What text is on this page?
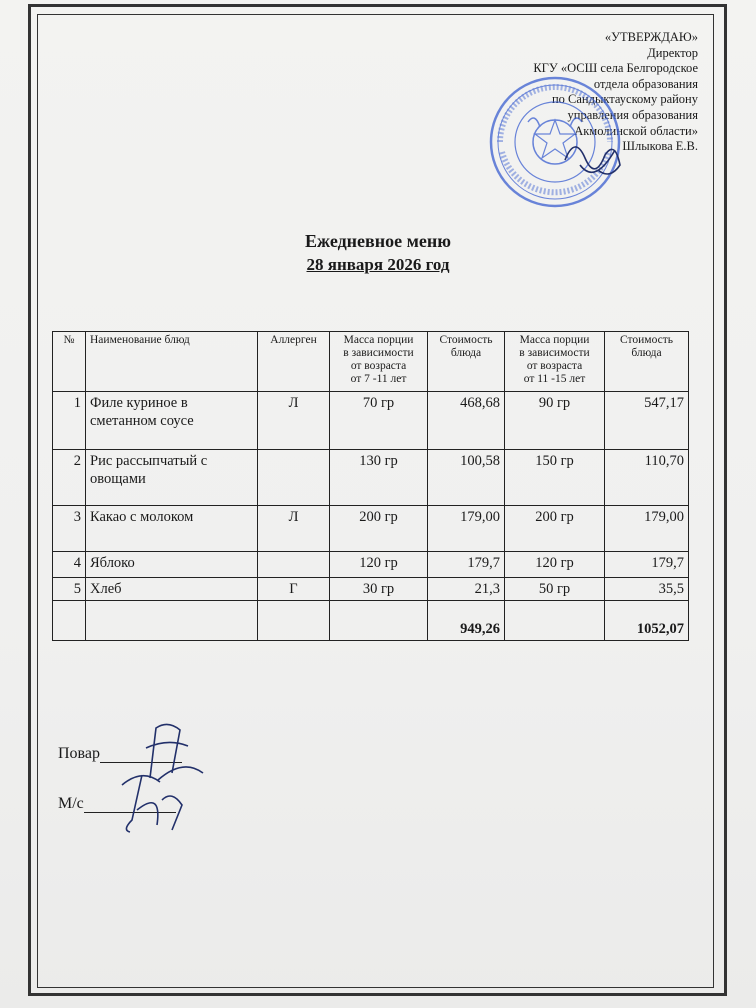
«УТВЕРЖДАЮ»
Директор
КГУ «ОСШ села Белгородское
отдела образования
по Сандыктаускому району
управления образования
Акмолинской области»
Шлыкова Е.В.
Ежедневное меню
28 января 2026 год
№	Наименование блюд	Аллерген	Масса порции
в зависимости
от возраста
от 7 -11 лет	Стоимость
блюда	Масса порции
в зависимости
от возраста
от 11 -15 лет	Стоимость
блюда
1	Филе куриное в
сметанном соусе	Л	70 гр	468,68	90 гр	547,17
2	Рис рассыпчатый с
овощами		130 гр	100,58	150 гр	110,70
3	Какао с молоком	Л	200 гр	179,00	200 гр	179,00
4	Яблоко		120 гр	179,7	120 гр	179,7
5	Хлеб	Г	30 гр	21,3	50 гр	35,5
				949,26		1052,07
Повар
М/с
